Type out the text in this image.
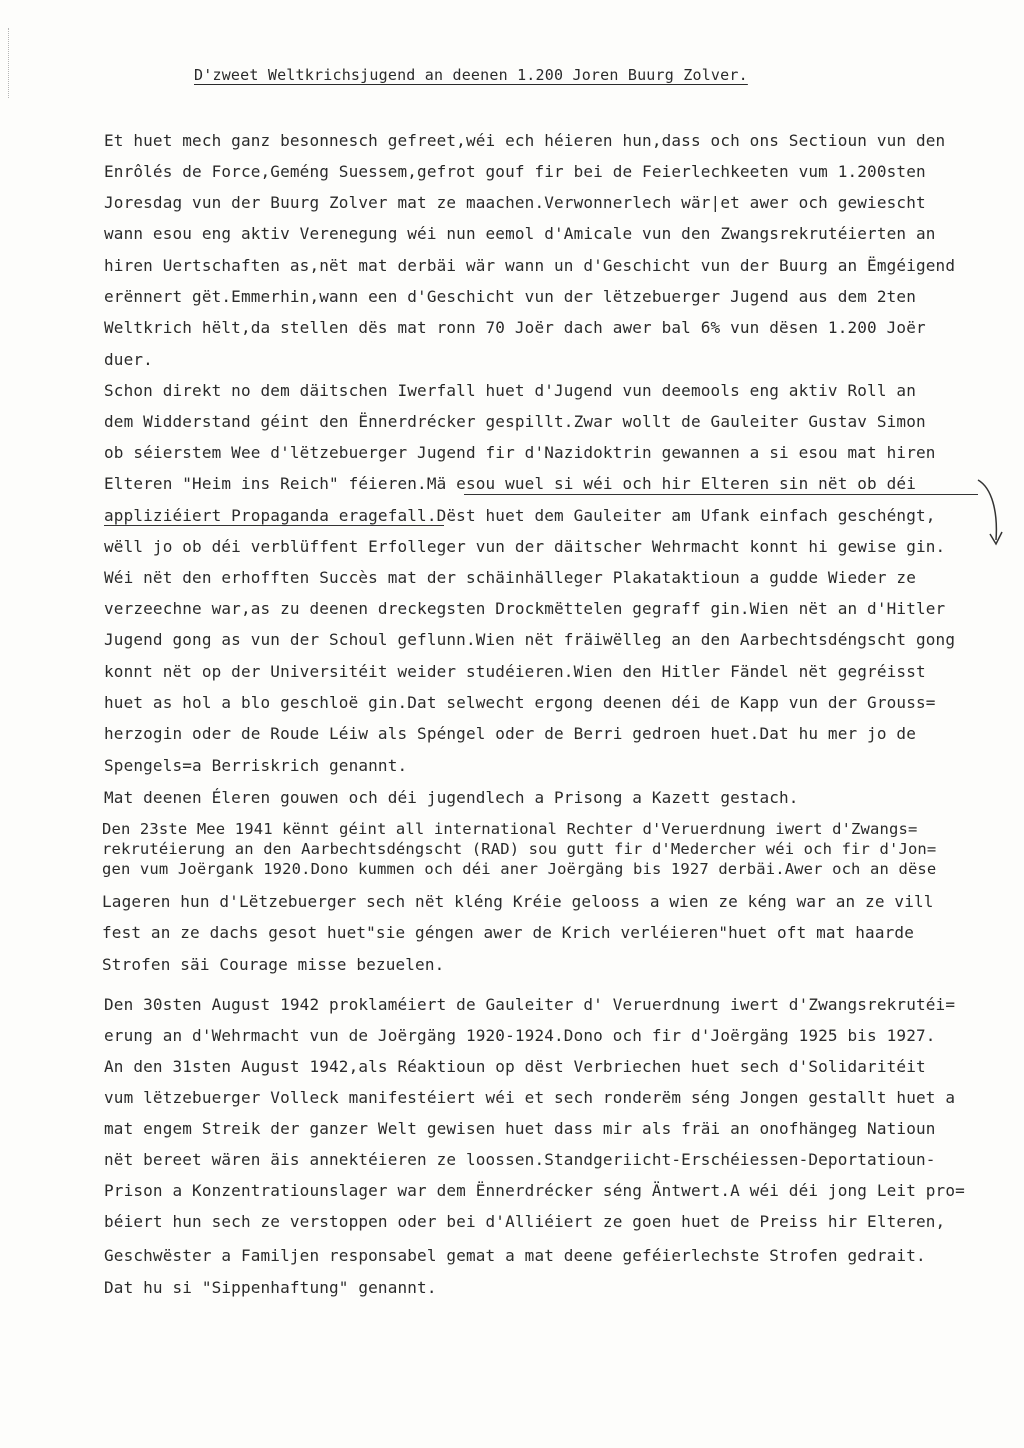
D'zweet Weltkrichsjugend an deenen 1.200 Joren Buurg Zolver.
Et huet mech ganz besonnesch gefreet,wéi ech héieren hun,dass och ons Sectioun vun den
Enrôlés de Force,Geméng Suessem,gefrot gouf fir bei de Feierlechkeeten vum 1.200sten
Joresdag vun der Buurg Zolver mat ze maachen.Verwonnerlech wär|et awer och gewiescht
wann esou eng aktiv Verenegung wéi nun eemol d'Amicale vun den Zwangsrekrutéierten an
hiren Uertschaften as,nët mat derbäi wär wann un d'Geschicht vun der Buurg an Ëmgéigend
erënnert gët.Emmerhin,wann een d'Geschicht vun der lëtzebuerger Jugend aus dem 2ten
Weltkrich hëlt,da stellen dës mat ronn 70 Joër dach awer bal 6% vun dësen 1.200 Joër
duer.
Schon direkt no dem däitschen Iwerfall huet d'Jugend vun deemools eng aktiv Roll an
dem Widderstand géint den Ënnerdrécker gespillt.Zwar wollt de Gauleiter Gustav Simon
ob séierstem Wee d'lëtzebuerger Jugend fir d'Nazidoktrin gewannen a si esou mat hiren
Elteren "Heim ins Reich" féieren.Mä esou wuel si wéi och hir Elteren sin nët ob déi
appliziéiert Propaganda eragefall.Dëst huet dem Gauleiter am Ufank einfach geschéngt,
wëll jo ob déi verblüffent Erfolleger vun der däitscher Wehrmacht konnt hi gewise gin.
Wéi nët den erhofften Succès mat der schäinhälleger Plakataktioun a gudde Wieder ze
verzeechne war,as zu deenen dreckegsten Drockmëttelen gegraff gin.Wien nët an d'Hitler
Jugend gong as vun der Schoul geflunn.Wien nët fräiwëlleg an den Aarbechtsdéngscht gong
konnt nët op der Universitéit weider studéieren.Wien den Hitler Fändel nët gegréisst
huet as hol a blo geschloë gin.Dat selwecht ergong deenen déi de Kapp vun der Grouss=
herzogin oder de Roude Léiw als Spéngel oder de Berri gedroen huet.Dat hu mer jo de
Spengels=a Berriskrich genannt.
Mat deenen Éleren gouwen och déi jugendlech a Prisong a Kazett gestach.
Den 23ste Mee 1941 kënnt géint all international Rechter d'Veruerdnung iwert d'Zwangs=
rekrutéierung an den Aarbechtsdéngscht (RAD) sou gutt fir d'Medercher wéi och fir d'Jon=
gen vum Joërgank 1920.Dono kummen och déi aner Joërgäng bis 1927 derbäi.Awer och an dëse
Lageren hun d'Lëtzebuerger sech nët kléng Kréie gelooss a wien ze kéng war an ze vill
fest an ze dachs gesot huet"sie géngen awer de Krich verléieren"huet oft mat haarde
Strofen säi Courage misse bezuelen.
Den 30sten August 1942 proklaméiert de Gauleiter d' Veruerdnung iwert d'Zwangsrekrutéi=
erung an d'Wehrmacht vun de Joërgäng 1920-1924.Dono och fir d'Joërgäng 1925 bis 1927.
An den 31sten August 1942,als Réaktioun op dëst Verbriechen huet sech d'Solidaritéit
vum lëtzebuerger Volleck manifestéiert wéi et sech ronderëm séng Jongen gestallt huet a
mat engem Streik der ganzer Welt gewisen huet dass mir als fräi an onofhängeg Natioun
nët bereet wären äis annektéieren ze loossen.Standgeriicht-Erschéiessen-Deportatioun-
Prison a Konzentratiounslager war dem Ënnerdrécker séng Äntwert.A wéi déi jong Leit pro=
béiert hun sech ze verstoppen oder bei d'Alliéiert ze goen huet de Preiss hir Elteren,
Geschwëster a Familjen responsabel gemat a mat deene geféierlechste Strofen gedrait.
Dat hu si "Sippenhaftung" genannt.
